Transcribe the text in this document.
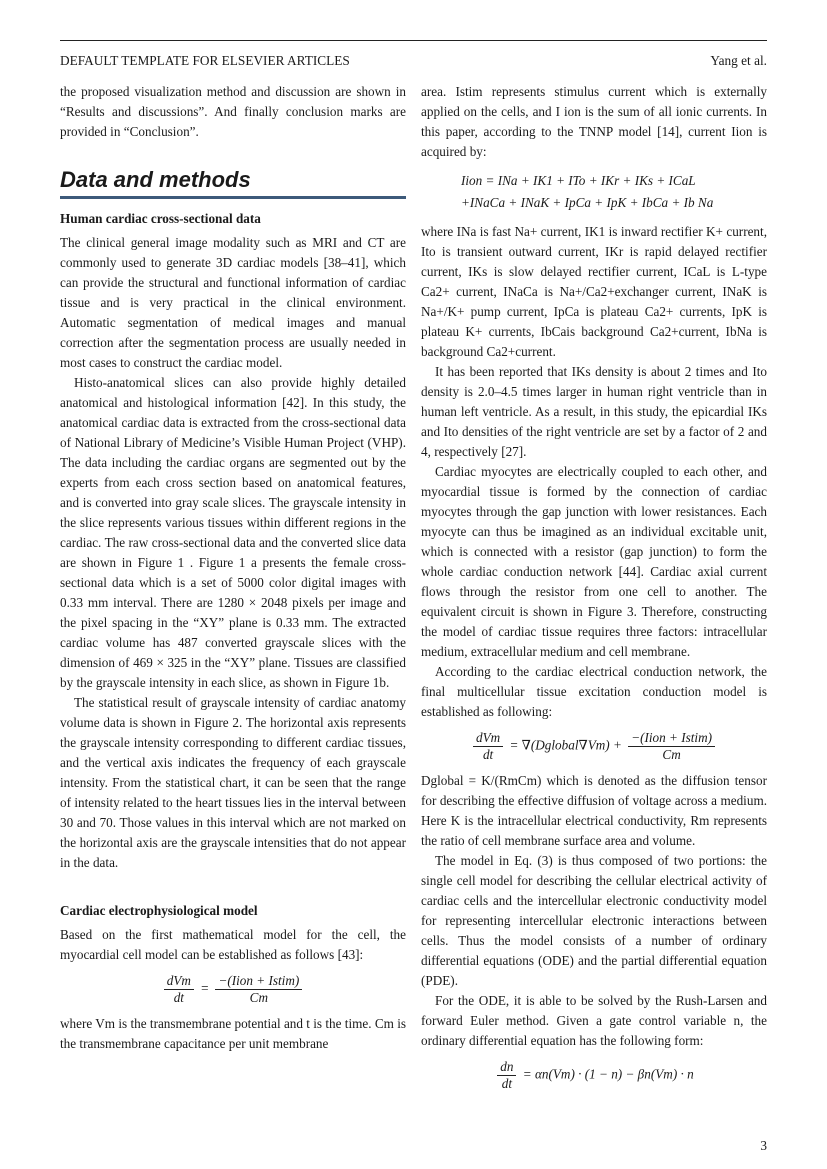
DEFAULT TEMPLATE FOR ELSEVIER ARTICLES	Yang et al.

the proposed visualization method and discussion are shown in “Results and discussions”. And finally conclusion marks are provided in “Conclusion”.

Data and methods

Human cardiac cross-sectional data

The clinical general image modality such as MRI and CT are commonly used to generate 3D cardiac models [38–41], which can provide the structural and functional information of cardiac tissue and is very practical in the clinical environment. Automatic segmentation of medical images and manual correction after the segmentation process are usually needed in most cases to construct the cardiac model.

Histo-anatomical slices can also provide highly detailed anatomical and histological information [42]. In this study, the anatomical cardiac data is extracted from the cross-sectional data of National Library of Medicine’s Visible Human Project (VHP). The data including the cardiac organs are segmented out by the experts from each cross section based on anatomical features, and is converted into gray scale slices. The grayscale intensity in the slice represents various tissues within different regions in the cardiac. The raw cross-sectional data and the converted slice data are shown in Figure 1 . Figure 1 a presents the female cross-sectional data which is a set of 5000 color digital images with 0.33 mm interval. There are 1280 × 2048 pixels per image and the pixel spacing in the “XY” plane is 0.33 mm. The extracted cardiac volume has 487 converted grayscale slices with the dimension of 469 × 325 in the “XY” plane. Tissues are classified by the grayscale intensity in each slice, as shown in Figure 1b.

The statistical result of grayscale intensity of cardiac anatomy volume data is shown in Figure 2. The horizontal axis represents the grayscale intensity corresponding to different cardiac tissues, and the vertical axis indicates the frequency of each grayscale intensity. From the statistical chart, it can be seen that the range of intensity related to the heart tissues lies in the interval between 30 and 70. Those values in this interval which are not marked on the horizontal axis are the grayscale intensities that do not appear in the data.

Cardiac electrophysiological model

Based on the first mathematical model for the cell, the myocardial cell model can be established as follows [43]:

$\frac{\text{dVm}}{dt} = \frac{\text{−(Iion + Istim)}}{Cm}$

where Vm is the transmembrane potential and t is the time. Cm is the transmembrane capacitance per unit membrane

area. Istim represents stimulus current which is externally applied on the cells, and I ion is the sum of all ionic currents. In this paper, according to the TNNP model [14], current Iion is acquired by:

Iion = INa + IK1 + ITo + IKr + IKs + ICaL
+INaCa + INaK + IpCa + IpK + IbCa + Ib Na

where INa is fast Na+ current, IK1 is inward rectifier K+ current, Ito is transient outward current, IKr is rapid delayed rectifier current, IKs is slow delayed rectifier current, ICaL is L-type Ca2+ current, INaCa is Na+/Ca2+exchanger current, INaK is Na+/K+ pump current, IpCa is plateau Ca2+ currents, IpK is plateau K+ currents, IbCais background Ca2+current, IbNa is background Ca2+current.

It has been reported that IKs density is about 2 times and Ito density is 2.0–4.5 times larger in human right ventricle than in human left ventricle. As a result, in this study, the epicardial IKs and Ito densities of the right ventricle are set by a factor of 2 and 4, respectively [27].

Cardiac myocytes are electrically coupled to each other, and myocardial tissue is formed by the connection of cardiac myocytes through the gap junction with lower resistances. Each myocyte can thus be imagined as an individual excitable unit, which is connected with a resistor (gap junction) to form the whole cardiac conduction network [44]. Cardiac axial current flows through the resistor from one cell to another. The equivalent circuit is shown in Figure 3. Therefore, constructing the model of cardiac tissue requires three factors: intracellular medium, extracellular medium and cell membrane.

According to the cardiac electrical conduction network, the final multicellular tissue excitation conduction model is established as following:

$\frac{\text{dVm}}{dt}$ = ∇(Dglobal∇Vm) + $\frac{\text{−(Iion + Istim)}}{Cm}$

Dglobal = K/(RmCm) which is denoted as the diffusion tensor for describing the effective diffusion of voltage across a medium. Here K is the intracellular electrical conductivity, Rm represents the ratio of cell membrane surface area and volume.

The model in Eq. (3) is thus composed of two portions: the single cell model for describing the cellular electrical activity of cardiac cells and the intercellular electronic conductivity model for representing intercellular electronic interactions between cells. Thus the model consists of a number of ordinary differential equations (ODE) and the partial differential equation (PDE).

For the ODE, it is able to be solved by the Rush-Larsen and forward Euler method. Given a gate control variable n, the ordinary differential equation has the following form:

$\frac{dn}{dt} = \alpha n(Vm) \cdot (1 - n) - \beta n(Vm) \cdot n$
3
